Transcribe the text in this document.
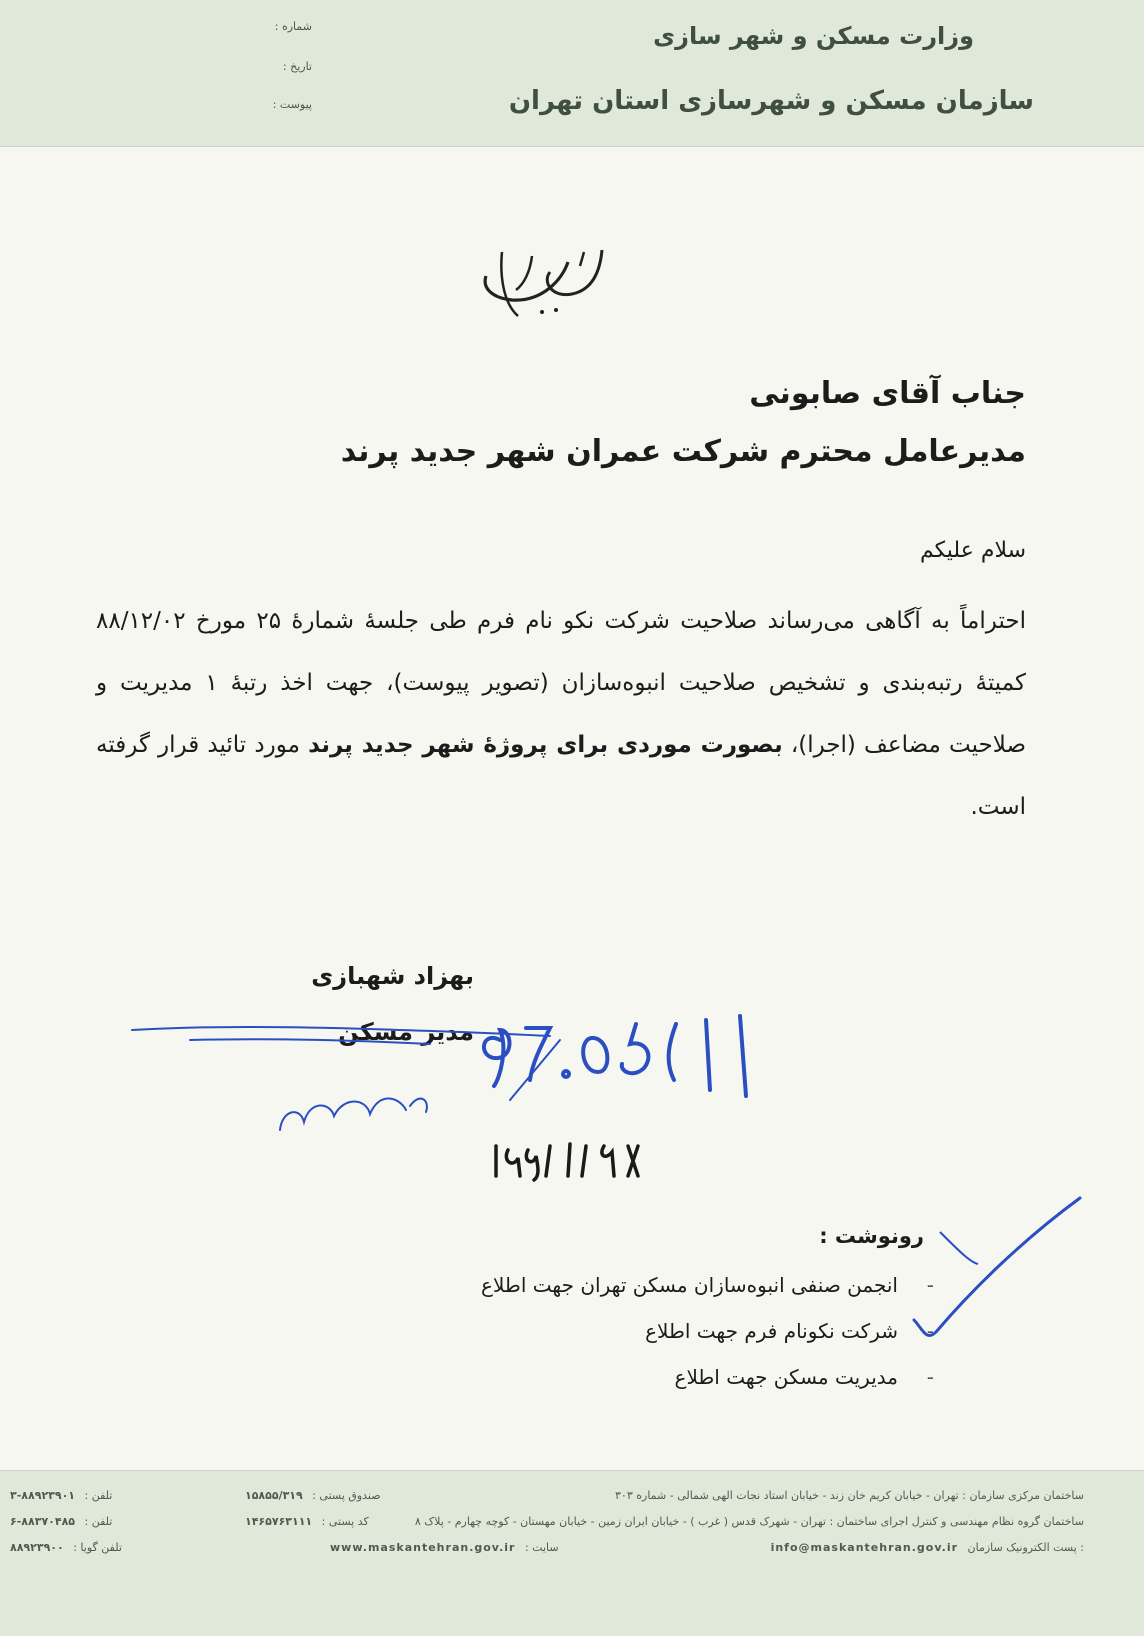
وزارت مسکن و شهر سازی
سازمان مسکن و شهرسازی استان تهران
شماره :
تاریخ :
پیوست :
جناب آقای صابونی
مدیرعامل محترم شرکت عمران شهر جدید پرند
سلام علیکم
احتراماً به آگاهی می‌رساند صلاحیت شرکت نکو نام فرم طی جلسهٔ شمارهٔ ۲۵ مورخ ۸۸/۱۲/۰۲ کمیتهٔ رتبه‌بندی و تشخیص صلاحیت انبوه‌سازان (تصویر پیوست)، جهت اخذ رتبهٔ ۱ مدیریت و صلاحیت مضاعف (اجرا)، بصورت موردی برای پروژهٔ شهر جدید پرند مورد تائید قرار گرفته است.
بهزاد شهبازی
مدیر مسکن
رونوشت :
-انجمن صنفی انبوه‌سازان مسکن تهران جهت اطلاع
-شرکت نکونام فرم جهت اطلاع
-مدیریت مسکن جهت اطلاع
ساختمان مرکزی سازمان : تهران - خیابان کریم خان زند - خیابان استاد نجات الهی شمالی - شماره ۳۰۳
ساختمان گروه نظام مهندسی و کنترل اجرای ساختمان : تهران - شهرک قدس ( غرب ) - خیابان ایران زمین - خیابان مهستان - کوچه چهارم - پلاک ۸
info@maskantehran.gov.ir پست الکترونیک سازمان :
صندوق پستی : ۱۵۸۵۵/۳۱۹
کد پستی : ۱۴۶۵۷۶۳۱۱۱
سایت : www.maskantehran.gov.ir
تلفن : ۸۸۹۲۳۹۰۱-۳
تلفن : ۸۸۳۷۰۴۸۵-۶
تلفن گویا : ۸۸۹۲۳۹۰۰
